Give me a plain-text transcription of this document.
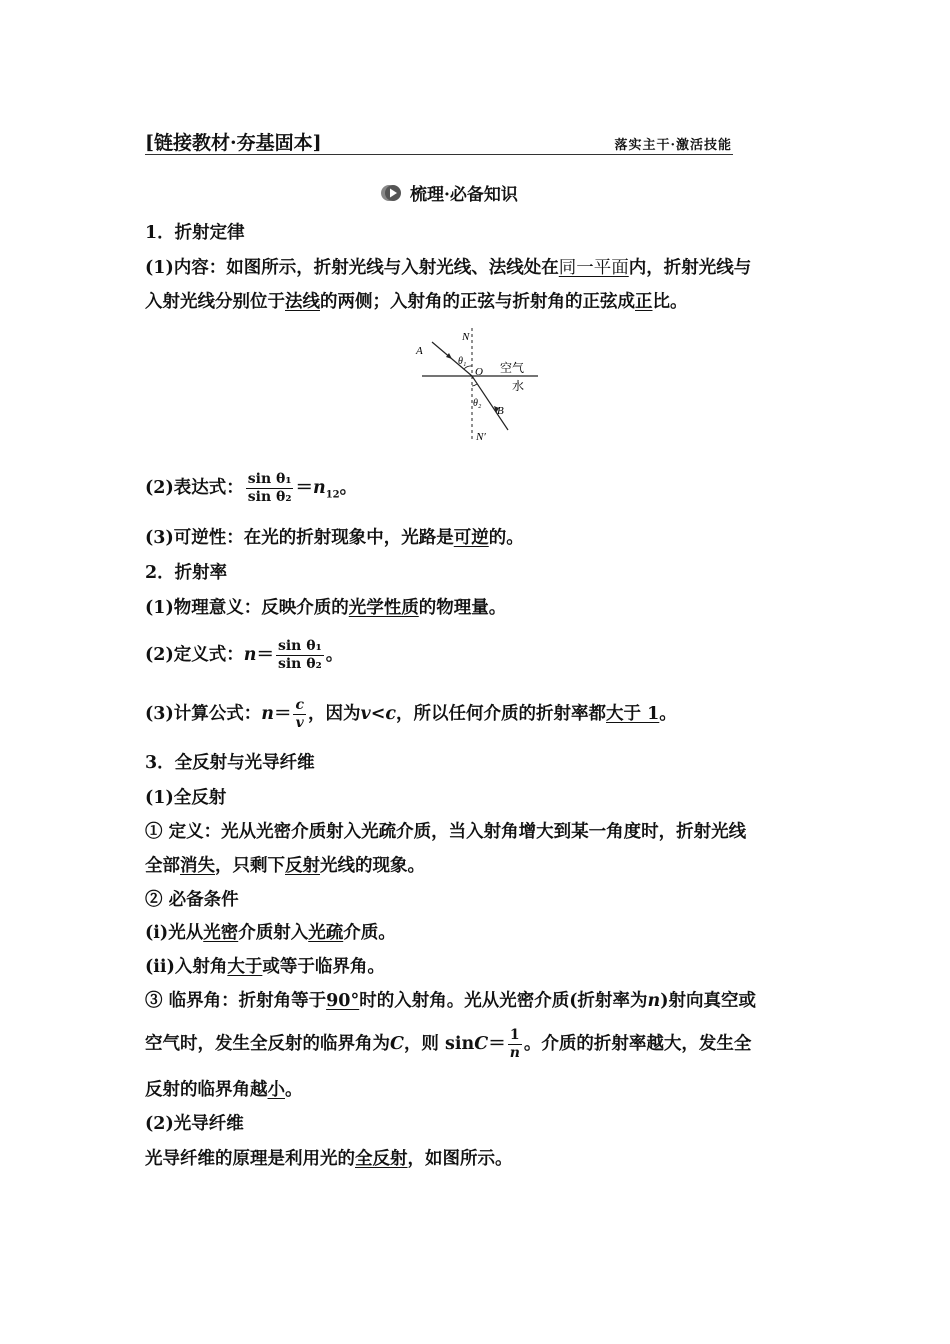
[链接教材·夯基固本]	落实主干·激活技能
梳理·必备知识
1．折射定律
(1)内容：如图所示，折射光线与入射光线、法线处在同一平面内，折射光线与
入射光线分别位于法线的两侧；入射角的正弦与折射角的正弦成正比。
N
A
θ₁
O 空气
水
θ₂
B
N′
(2)表达式： $\frac{\text{sin θ₁}}{\text{sin θ₂}} =n_{12}$。
(3)可逆性：在光的折射现象中，光路是可逆的。
2．折射率
(1)物理意义：反映介质的光学性质的物理量。
(2)定义式：$n= \frac{\text{sin θ₁}}{\text{sin θ₂}}$ 。
(3)计算公式：$n= \frac{c}{v}$ ，因为v<c，所以任何介质的折射率都大于 1。
3．全反射与光导纤维
(1)全反射
① 定义：光从光密介质射入光疏介质，当入射角增大到某一角度时，折射光线
全部消失，只剩下反射光线的现象。
② 必备条件
(ⅰ)光从光密介质射入光疏介质。
(ⅱ)入射角大于或等于临界角。
③ 临界角：折射角等于90°时的入射角。光从光密介质(折射率为n)射向真空或
空气时，发生全反射的临界角为C，则 $\sin C= \frac{1}{n}$ 。介质的折射率越大，发生全
反射的临界角越小。
(2)光导纤维
光导纤维的原理是利用光的全反射，如图所示。
